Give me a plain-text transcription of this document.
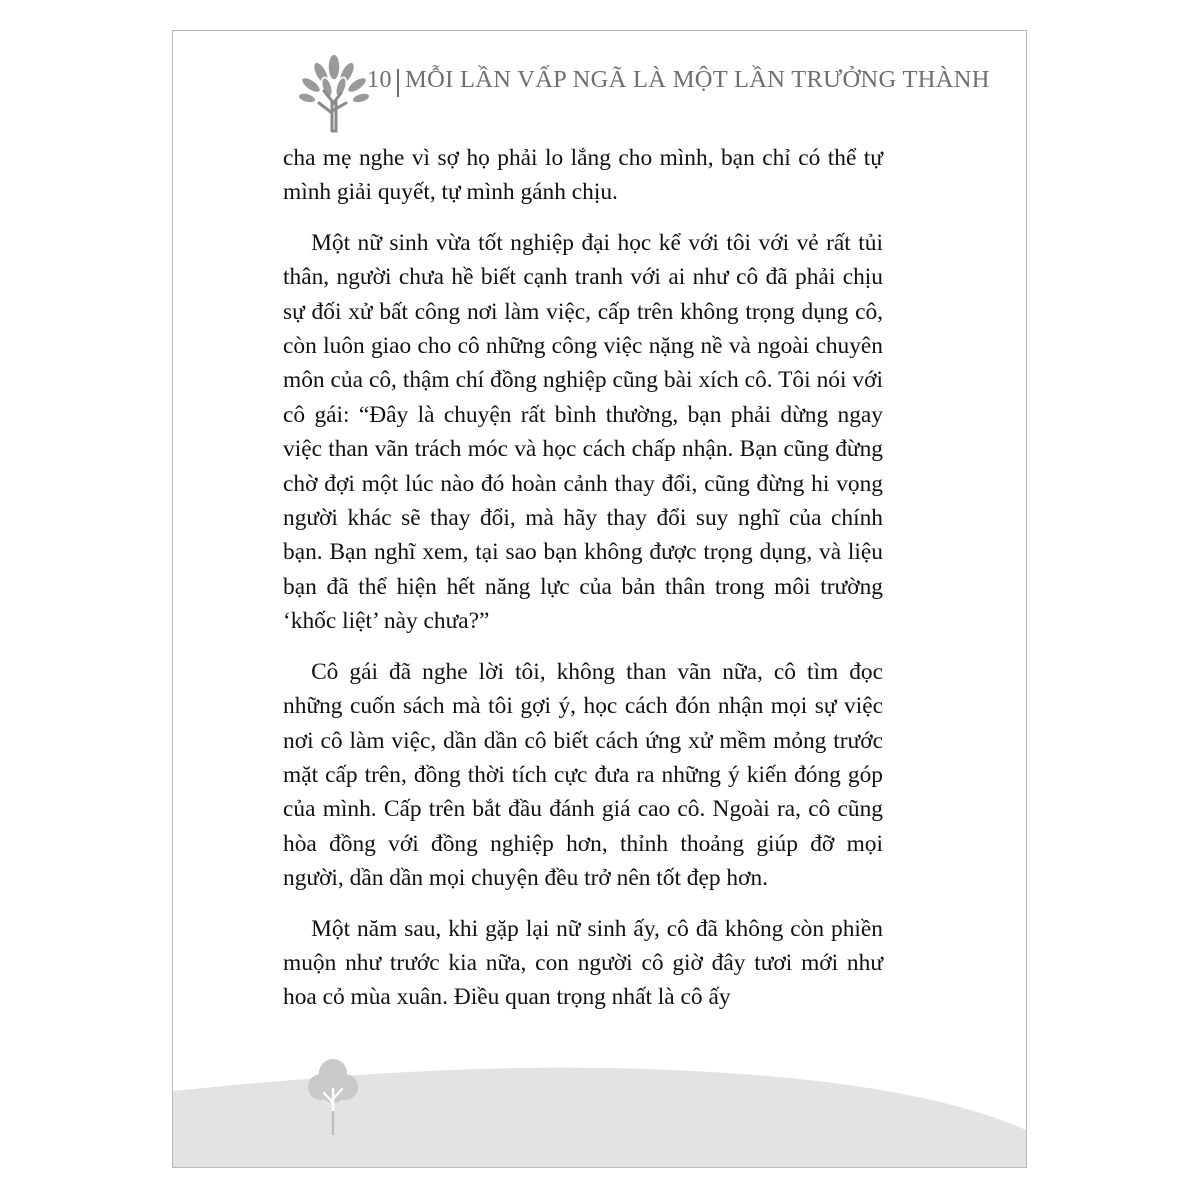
10 MỖI LẦN VẤP NGÃ LÀ MỘT LẦN TRƯỞNG THÀNH

cha mẹ nghe vì sợ họ phải lo lắng cho mình, bạn chỉ có thể tự mình giải quyết, tự mình gánh chịu.

Một nữ sinh vừa tốt nghiệp đại học kể với tôi với vẻ rất tủi thân, người chưa hề biết cạnh tranh với ai như cô đã phải chịu sự đối xử bất công nơi làm việc, cấp trên không trọng dụng cô, còn luôn giao cho cô những công việc nặng nề và ngoài chuyên môn của cô, thậm chí đồng nghiệp cũng bài xích cô. Tôi nói với cô gái: “Đây là chuyện rất bình thường, bạn phải dừng ngay việc than vãn trách móc và học cách chấp nhận. Bạn cũng đừng chờ đợi một lúc nào đó hoàn cảnh thay đổi, cũng đừng hi vọng người khác sẽ thay đổi, mà hãy thay đổi suy nghĩ của chính bạn. Bạn nghĩ xem, tại sao bạn không được trọng dụng, và liệu bạn đã thể hiện hết năng lực của bản thân trong môi trường ‘khốc liệt’ này chưa?”

Cô gái đã nghe lời tôi, không than vãn nữa, cô tìm đọc những cuốn sách mà tôi gợi ý, học cách đón nhận mọi sự việc nơi cô làm việc, dần dần cô biết cách ứng xử mềm mỏng trước mặt cấp trên, đồng thời tích cực đưa ra những ý kiến đóng góp của mình. Cấp trên bắt đầu đánh giá cao cô. Ngoài ra, cô cũng hòa đồng với đồng nghiệp hơn, thỉnh thoảng giúp đỡ mọi người, dần dần mọi chuyện đều trở nên tốt đẹp hơn.

Một năm sau, khi gặp lại nữ sinh ấy, cô đã không còn phiền muộn như trước kia nữa, con người cô giờ đây tươi mới như hoa cỏ mùa xuân. Điều quan trọng nhất là cô ấy
